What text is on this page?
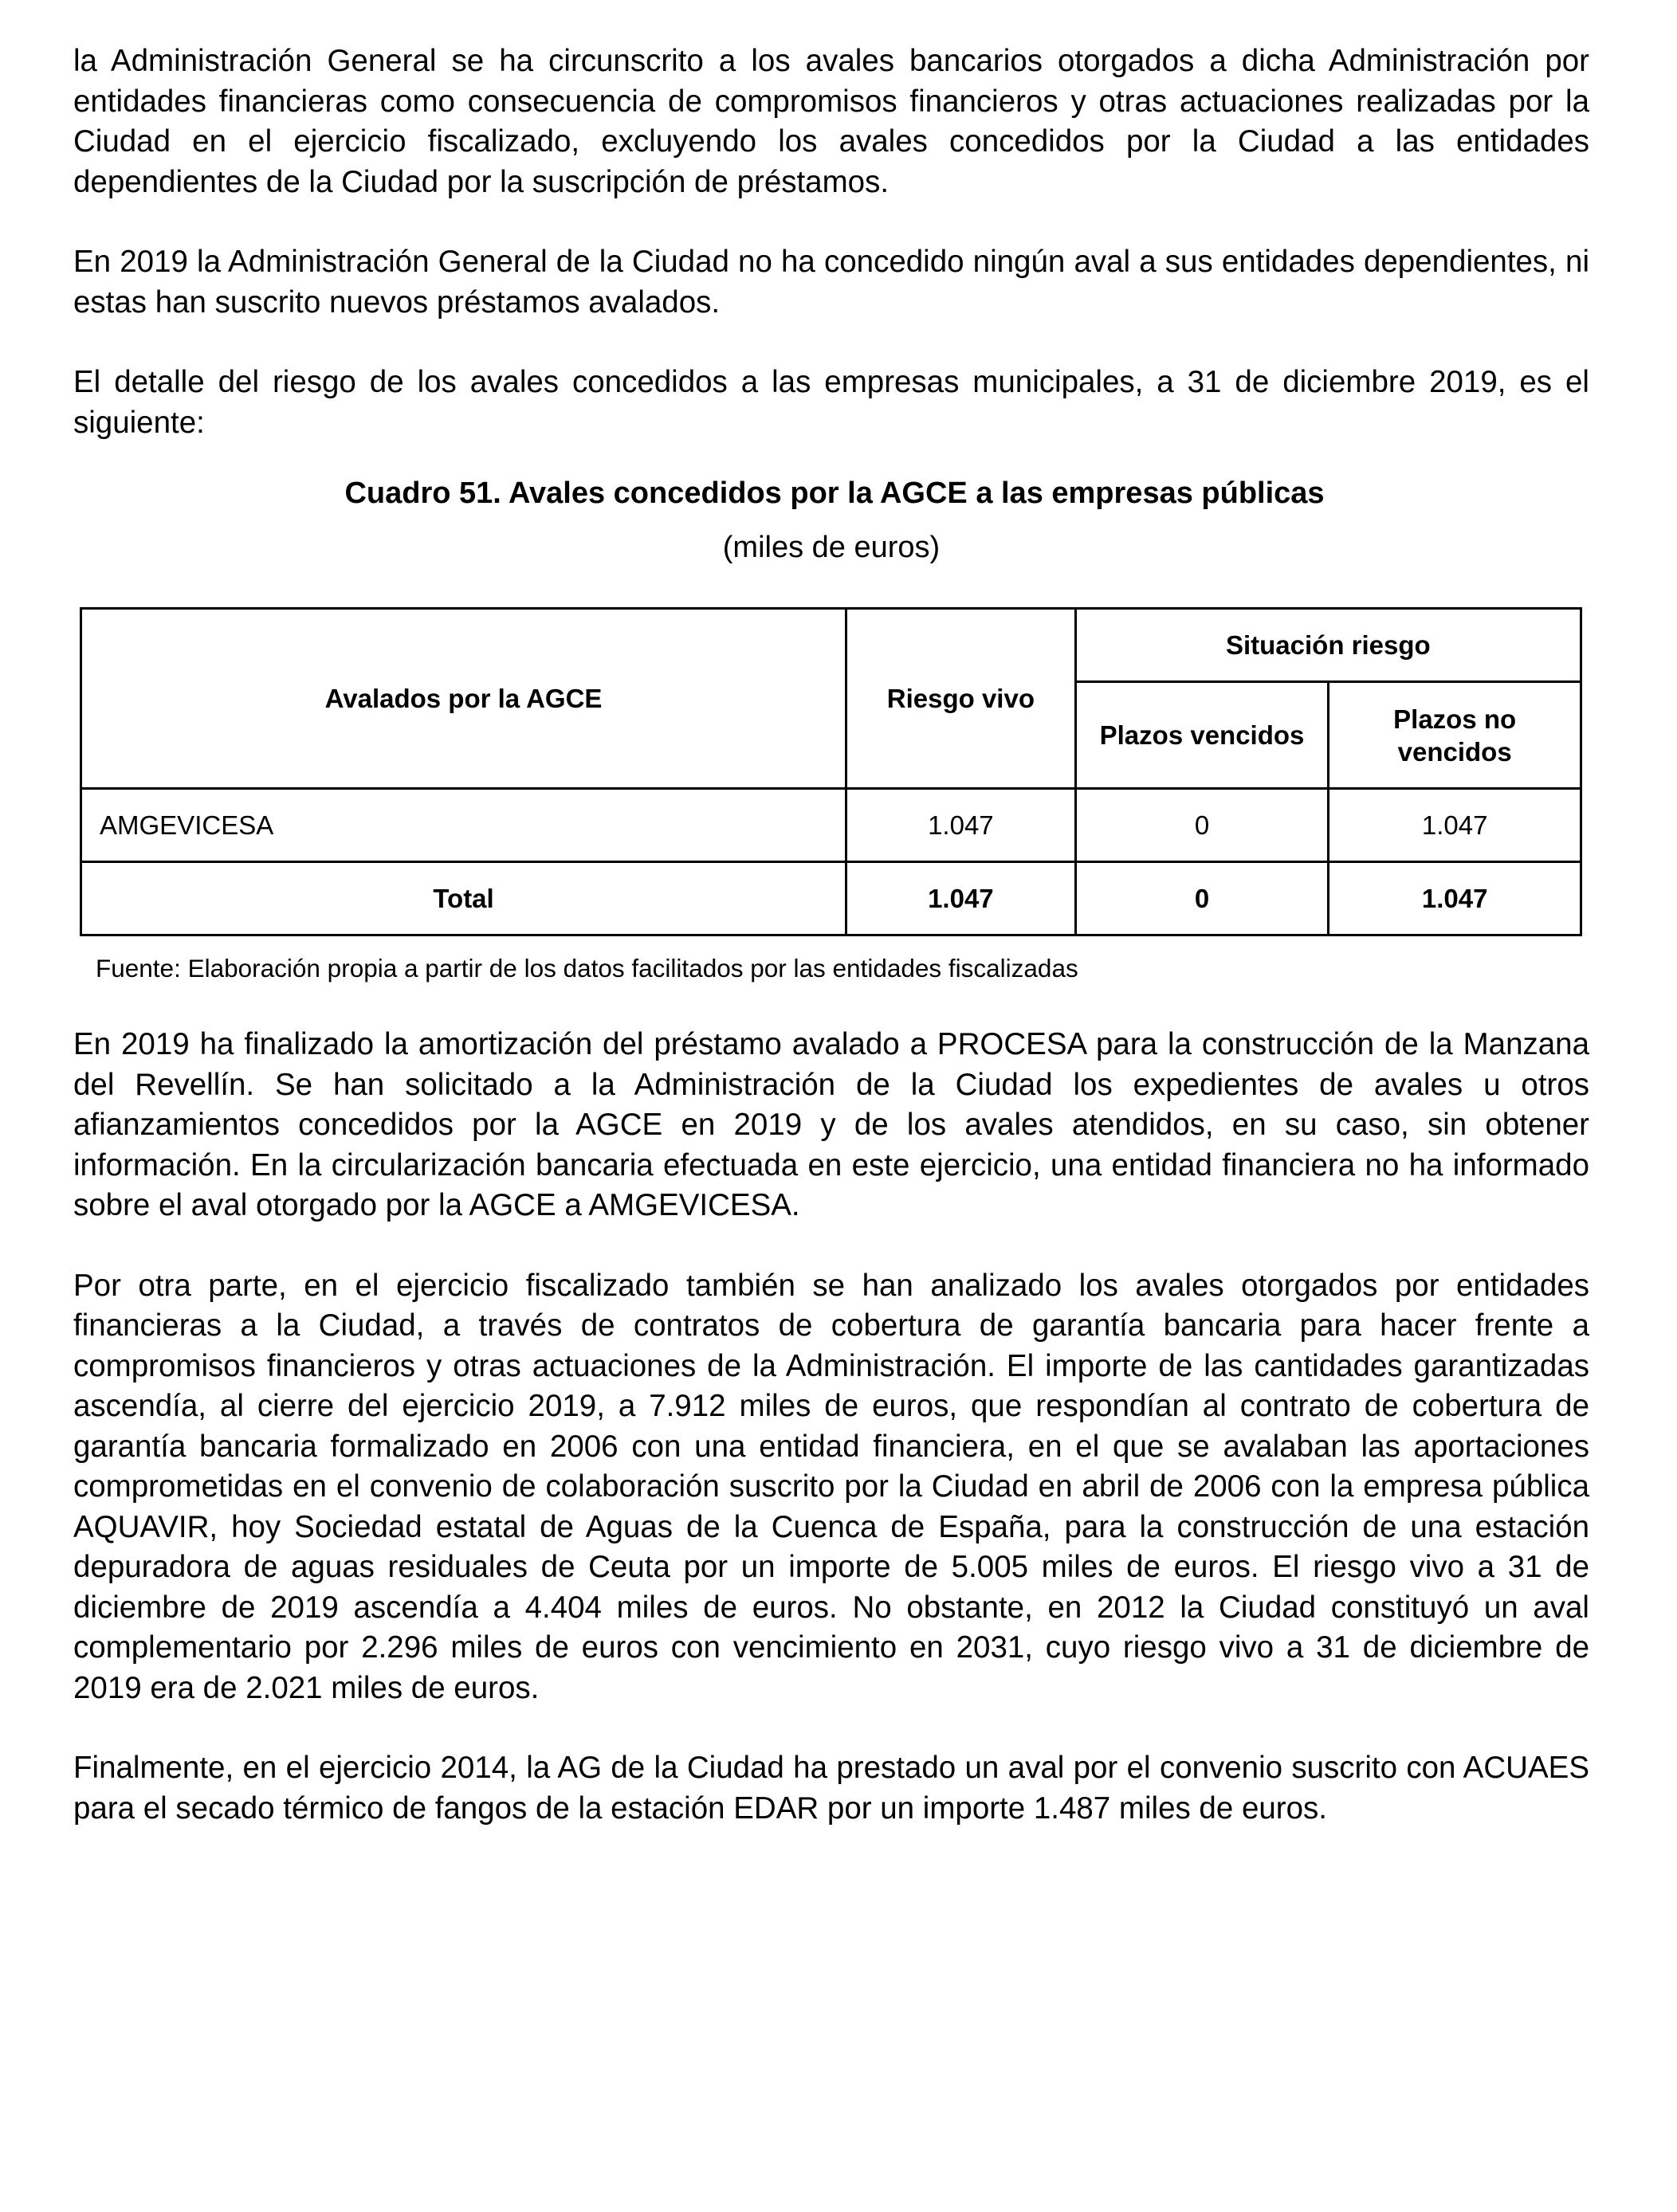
la Administración General se ha circunscrito a los avales bancarios otorgados a dicha Administración por entidades financieras como consecuencia de compromisos financieros y otras actuaciones realizadas por la Ciudad en el ejercicio fiscalizado, excluyendo los avales concedidos por la Ciudad a las entidades dependientes de la Ciudad por la suscripción de préstamos.

En 2019 la Administración General de la Ciudad no ha concedido ningún aval a sus entidades dependientes, ni estas han suscrito nuevos préstamos avalados.

El detalle del riesgo de los avales concedidos a las empresas municipales, a 31 de diciembre 2019, es el siguiente:

Cuadro 51. Avales concedidos por la AGCE a las empresas públicas

(miles de euros)

Avalados por la AGCE	Riesgo vivo	Situación riesgo	
		Plazos vencidos	Plazos no vencidos
AMGEVICESA	1.047	0	1.047
Total	1.047	0	1.047
Fuente: Elaboración propia a partir de los datos facilitados por las entidades fiscalizadas

En 2019 ha finalizado la amortización del préstamo avalado a PROCESA para la construcción de la Manzana del Revellín. Se han solicitado a la Administración de la Ciudad los expedientes de avales u otros afianzamientos concedidos por la AGCE en 2019 y de los avales atendidos, en su caso, sin obtener información. En la circularización bancaria efectuada en este ejercicio, una entidad financiera no ha informado sobre el aval otorgado por la AGCE a AMGEVICESA.

Por otra parte, en el ejercicio fiscalizado también se han analizado los avales otorgados por entidades financieras a la Ciudad, a través de contratos de cobertura de garantía bancaria para hacer frente a compromisos financieros y otras actuaciones de la Administración. El importe de las cantidades garantizadas ascendía, al cierre del ejercicio 2019, a 7.912 miles de euros, que respondían al contrato de cobertura de garantía bancaria formalizado en 2006 con una entidad financiera, en el que se avalaban las aportaciones comprometidas en el convenio de colaboración suscrito por la Ciudad en abril de 2006 con la empresa pública AQUAVIR, hoy Sociedad estatal de Aguas de la Cuenca de España, para la construcción de una estación depuradora de aguas residuales de Ceuta por un importe de 5.005 miles de euros. El riesgo vivo a 31 de diciembre de 2019 ascendía a 4.404 miles de euros. No obstante, en 2012 la Ciudad constituyó un aval complementario por 2.296 miles de euros con vencimiento en 2031, cuyo riesgo vivo a 31 de diciembre de 2019 era de 2.021 miles de euros.

Finalmente, en el ejercicio 2014, la AG de la Ciudad ha prestado un aval por el convenio suscrito con ACUAES para el secado térmico de fangos de la estación EDAR por un importe 1.487 miles de euros.
